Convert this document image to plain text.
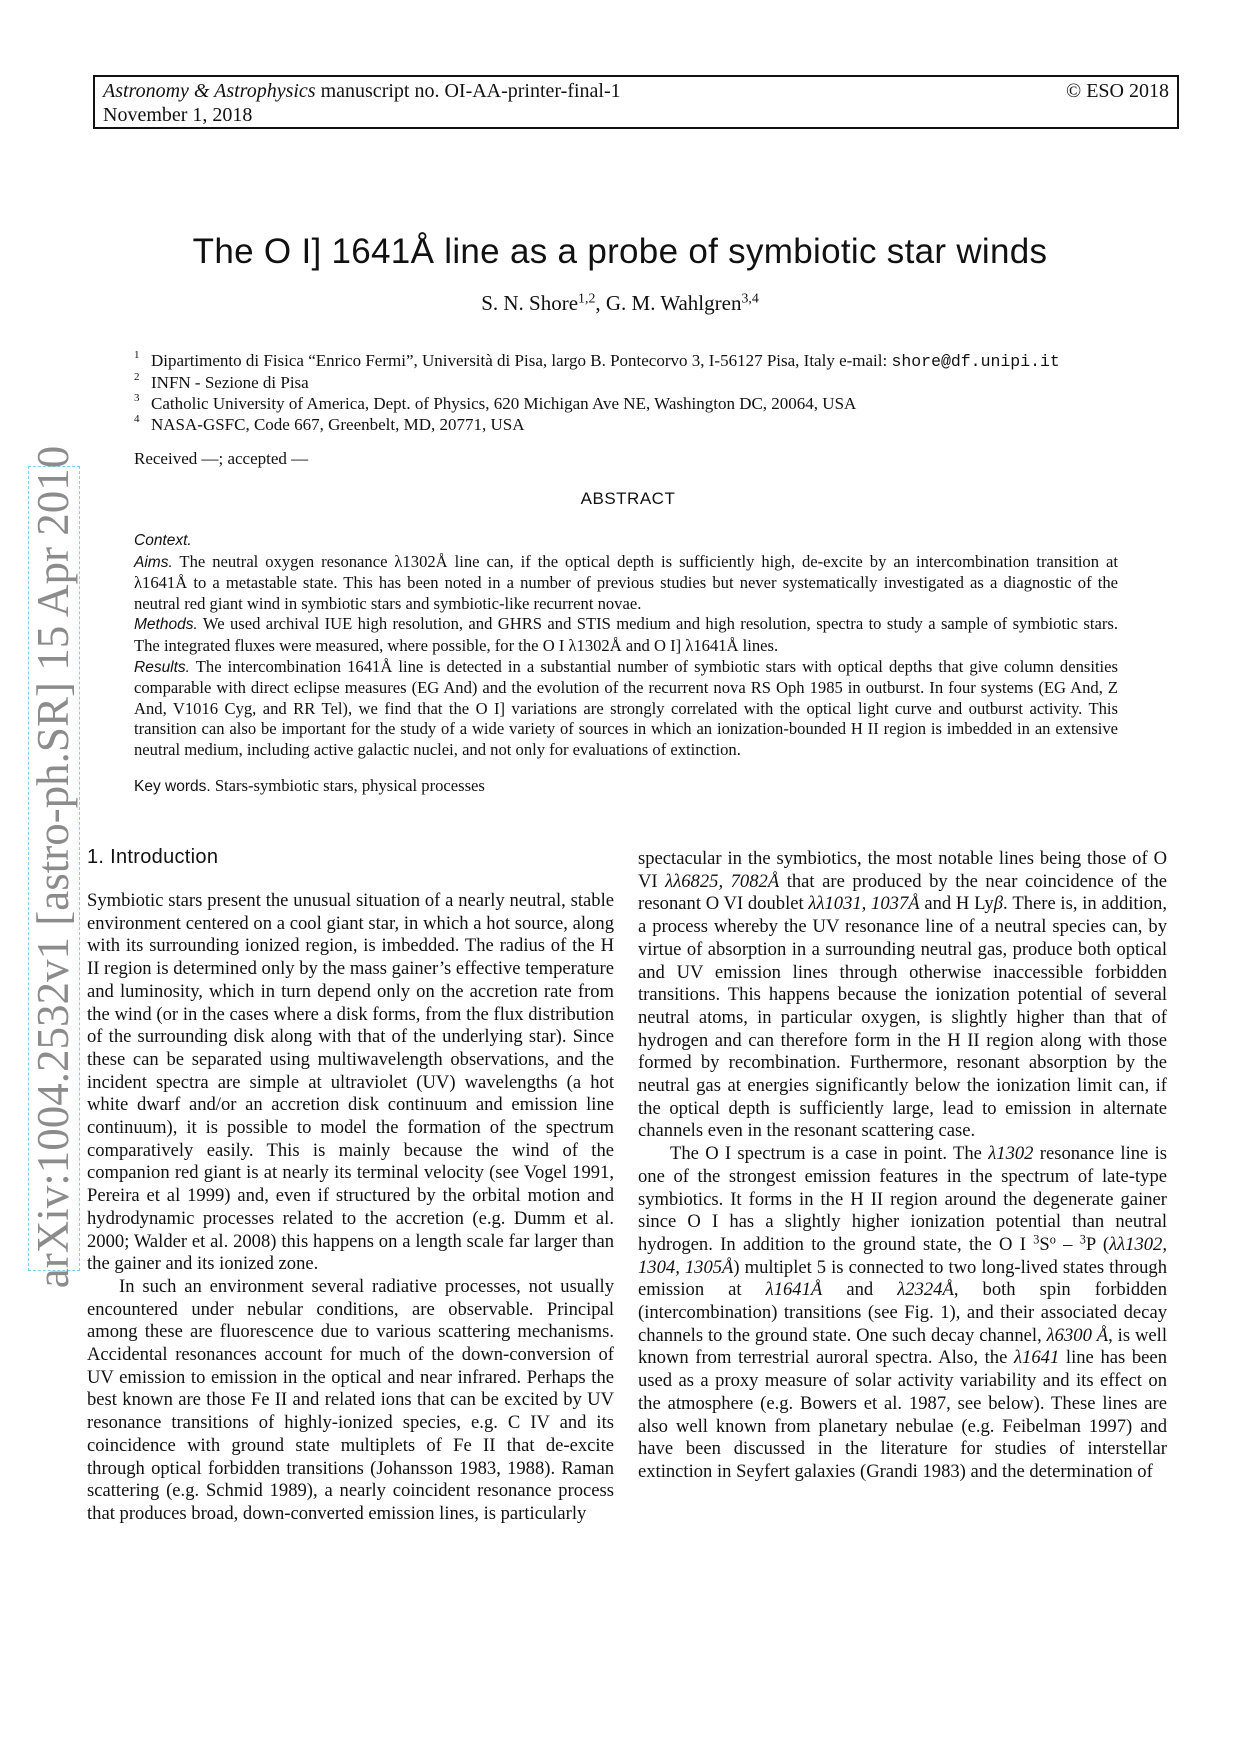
Astronomy & Astrophysics manuscript no. OI-AA-printer-final-1
November 1, 2018
© ESO 2018
The O I] 1641Å line as a probe of symbiotic star winds
S. N. Shore$^{1,2}$, G. M. Wahlgren$^{3,4}$
1 Dipartimento di Fisica “Enrico Fermi”, Università di Pisa, largo B. Pontecorvo 3, I-56127 Pisa, Italy e-mail: shore@df.unipi.it
2 INFN - Sezione di Pisa
3 Catholic University of America, Dept. of Physics, 620 Michigan Ave NE, Washington DC, 20064, USA
4 NASA-GSFC, Code 667, Greenbelt, MD, 20771, USA
Received —; accepted —
ABSTRACT

Context.

Aims. The neutral oxygen resonance λ1302Å line can, if the optical depth is sufficiently high, de-excite by an intercombination transition at λ1641Å to a metastable state. This has been noted in a number of previous studies but never systematically investigated as a diagnostic of the neutral red giant wind in symbiotic stars and symbiotic-like recurrent novae.

Methods. We used archival IUE high resolution, and GHRS and STIS medium and high resolution, spectra to study a sample of symbiotic stars. The integrated fluxes were measured, where possible, for the O I λ1302Å and O I] λ1641Å lines.

Results. The intercombination 1641Å line is detected in a substantial number of symbiotic stars with optical depths that give column densities comparable with direct eclipse measures (EG And) and the evolution of the recurrent nova RS Oph 1985 in outburst. In four systems (EG And, Z And, V1016 Cyg, and RR Tel), we find that the O I] variations are strongly correlated with the optical light curve and outburst activity. This transition can also be important for the study of a wide variety of sources in which an ionization-bounded H II region is imbedded in an extensive neutral medium, including active galactic nuclei, and not only for evaluations of extinction.

Key words. Stars-symbiotic stars, physical processes
1. Introduction

Symbiotic stars present the unusual situation of a nearly neutral, stable environment centered on a cool giant star, in which a hot source, along with its surrounding ionized region, is imbedded. The radius of the H II region is determined only by the mass gainer’s effective temperature and luminosity, which in turn depend only on the accretion rate from the wind (or in the cases where a disk forms, from the flux distribution of the surrounding disk along with that of the underlying star). Since these can be separated using multiwavelength observations, and the incident spectra are simple at ultraviolet (UV) wavelengths (a hot white dwarf and/or an accretion disk continuum and emission line continuum), it is possible to model the formation of the spectrum comparatively easily. This is mainly because the wind of the companion red giant is at nearly its terminal velocity (see Vogel 1991, Pereira et al 1999) and, even if structured by the orbital motion and hydrodynamic processes related to the accretion (e.g. Dumm et al. 2000; Walder et al. 2008) this happens on a length scale far larger than the gainer and its ionized zone.

In such an environment several radiative processes, not usually encountered under nebular conditions, are observable. Principal among these are fluorescence due to various scattering mechanisms. Accidental resonances account for much of the down-conversion of UV emission to emission in the optical and near infrared. Perhaps the best known are those Fe II and related ions that can be excited by UV resonance transitions of highly-ionized species, e.g. C IV and its coincidence with ground state multiplets of Fe II that de-excite through optical forbidden transitions (Johansson 1983, 1988). Raman scattering (e.g. Schmid 1989), a nearly coincident resonance process that produces broad, down-converted emission lines, is particularly

spectacular in the symbiotics, the most notable lines being those of O VI λλ6825, 7082Å that are produced by the near coincidence of the resonant O VI doublet λλ1031, 1037Å and H Lyβ. There is, in addition, a process whereby the UV resonance line of a neutral species can, by virtue of absorption in a surrounding neutral gas, produce both optical and UV emission lines through otherwise inaccessible forbidden transitions. This happens because the ionization potential of several neutral atoms, in particular oxygen, is slightly higher than that of hydrogen and can therefore form in the H II region along with those formed by recombination. Furthermore, resonant absorption by the neutral gas at energies significantly below the ionization limit can, if the optical depth is sufficiently large, lead to emission in alternate channels even in the resonant scattering case.

The O I spectrum is a case in point. The λ1302 resonance line is one of the strongest emission features in the spectrum of late-type symbiotics. It forms in the H II region around the degenerate gainer since O I has a slightly higher ionization potential than neutral hydrogen. In addition to the ground state, the O I $^3S^o - ^3P$ (λλ1302, 1304, 1305Å) multiplet 5 is connected to two long-lived states through emission at λ1641Å and λ2324Å, both spin forbidden (intercombination) transitions (see Fig. 1), and their associated decay channels to the ground state. One such decay channel, λ6300 Å, is well known from terrestrial auroral spectra. Also, the λ1641 line has been used as a proxy measure of solar activity variability and its effect on the atmosphere (e.g. Bowers et al. 1987, see below). These lines are also well known from planetary nebulae (e.g. Feibelman 1997) and have been discussed in the literature for studies of interstellar extinction in Seyfert galaxies (Grandi 1983) and the determination of

arXiv:1004.2532v1 [astro-ph.SR] 15 Apr 2010
